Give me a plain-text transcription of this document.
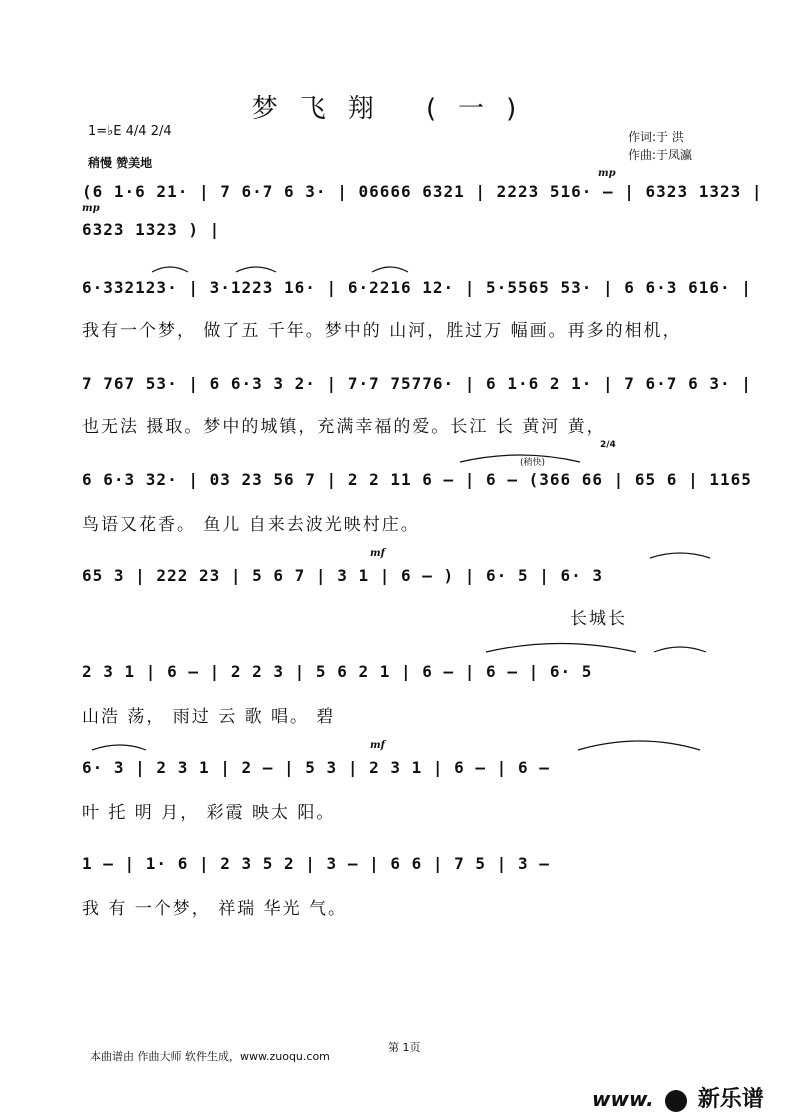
梦飞翔 (一)
1=♭E 4/4 2/4
稍慢 赞美地
作词:于 洪
作曲:于凤瀛
mp
mp
mf
mf
(稍快)
2/4
(6 1·6 21· | 7 6·7 6 3· | 06666 6321 | 2223 516· – | 6323 1323 |
6323 1323 ) |
6·332123· | 3·1223 16· | 6·2216 12· | 5·5565 53· | 6 6·3 616· |
我有一个梦， 做了五 千年。梦中的 山河，胜过万 幅画。再多的相机，
7 767 53· | 6 6·3 3 2· | 7·7 75776· | 6 1·6 2 1· | 7 6·7 6 3· |
也无法 摄取。梦中的城镇，充满幸福的爱。长江 长 黄河 黄，
6 6·3 32· | 03 23 56 7 | 2 2 11 6 – | 6 – (366 66 | 65 6 | 1165
鸟语又花香。 鱼儿 自来去波光映村庄。
65 3 | 222 23 | 5 6 7 | 3 1 | 6 – ) | 6· 5 | 6· 3
长城长
2 3 1 | 6 – | 2 2 3 | 5 6 2 1 | 6 – | 6 – | 6· 5
山浩 荡， 雨过 云 歌 唱。 碧
6· 3 | 2 3 1 | 2 – | 5 3 | 2 3 1 | 6 – | 6 –
叶 托 明 月， 彩霞 映太 阳。
1 – | 1· 6 | 2 3 5 2 | 3 – | 6 6 | 7 5 | 3 –
我 有 一个梦， 祥瑞 华光 气。
第 1页
本曲谱由 作曲大师 软件生成，www.zuoqu.com
www. 新乐谱
